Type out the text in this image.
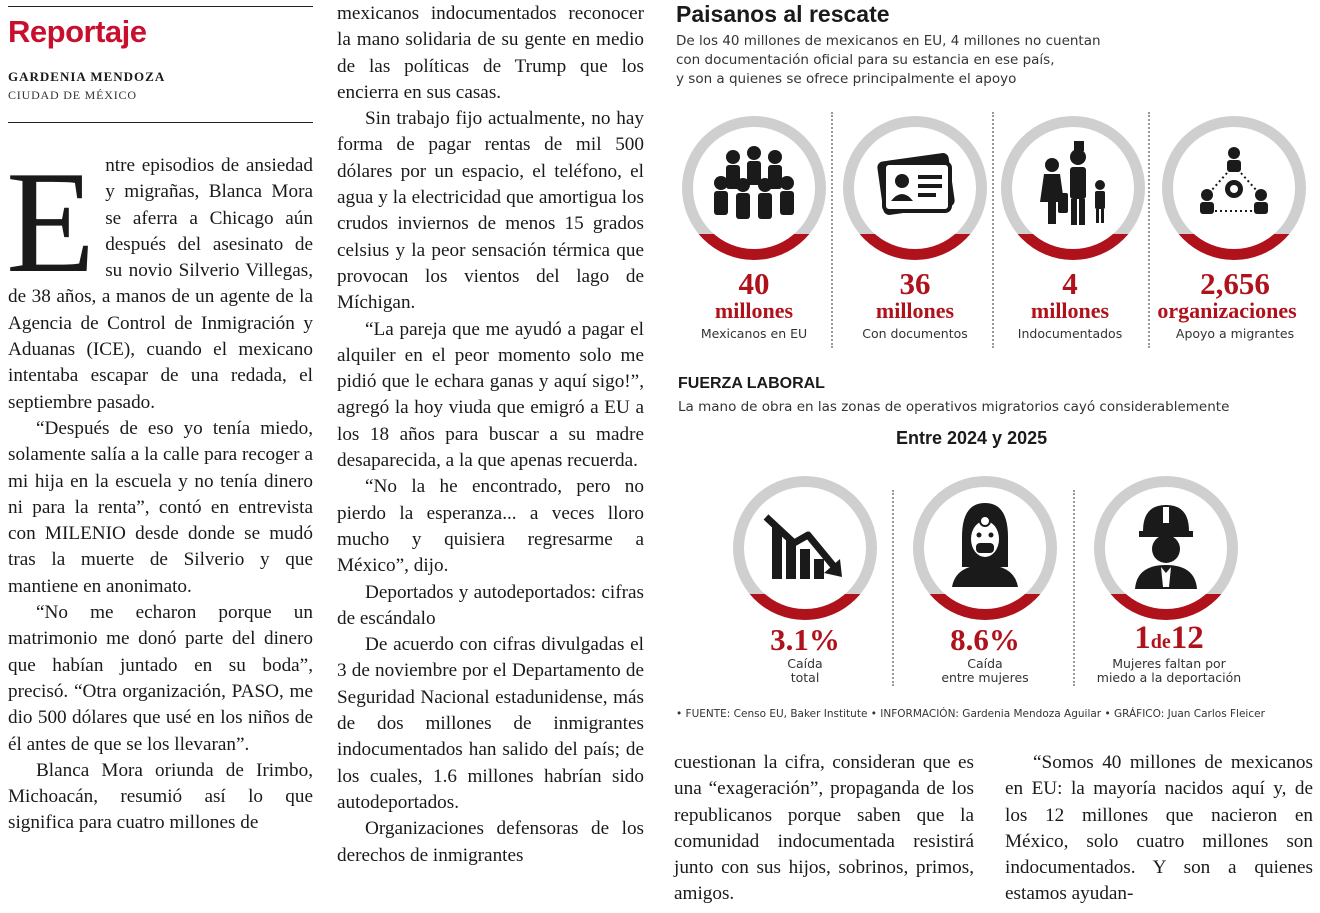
Reportaje
GARDENIA MENDOZA
CIUDAD DE MÉXICO

Entre episodios de ansiedad y migrañas, Blanca Mora se aferra a Chicago aún después del asesinato de su novio Silverio Villegas, de 38 años, a manos de un agente de la Agencia de Control de Inmigración y Aduanas (ICE), cuando el mexicano intentaba escapar de una redada, el septiembre pasado.

“Después de eso yo tenía miedo, solamente salía a la calle para recoger a mi hija en la escuela y no tenía dinero ni para la renta”, contó en entrevista con MILENIO desde donde se mudó tras la muerte de Silverio y que mantiene en anonimato.

“No me echaron porque un matrimonio me donó parte del dinero que habían juntado en su boda”, precisó. “Otra organización, PASO, me dio 500 dólares que usé en los niños de él antes de que se los llevaran”.

Blanca Mora oriunda de Irimbo, Michoacán, resumió así lo que significa para cuatro millones de

mexicanos indocumentados reconocer la mano solidaria de su gente en medio de las políticas de Trump que los encierra en sus casas.

Sin trabajo fijo actualmente, no hay forma de pagar rentas de mil 500 dólares por un espacio, el teléfono, el agua y la electricidad que amortigua los crudos inviernos de menos 15 grados celsius y la peor sensación térmica que provocan los vientos del lago de Míchigan.

“La pareja que me ayudó a pagar el alquiler en el peor momento solo me pidió que le echara ganas y aquí sigo!”, agregó la hoy viuda que emigró a EU a los 18 años para buscar a su madre desaparecida, a la que apenas recuerda.

“No la he encontrado, pero no pierdo la esperanza... a veces lloro mucho y quisiera regresarme a México”, dijo.

Deportados y autodeportados: cifras de escándalo

De acuerdo con cifras divulgadas el 3 de noviembre por el Departamento de Seguridad Nacional estadunidense, más de dos millones de inmigrantes indocumentados han salido del país; de los cuales, 1.6 millones habrían sido autodeportados.

Organizaciones defensoras de los derechos de inmigrantes

cuestionan la cifra, consideran que es una “exageración”, propaganda de los republicanos porque saben que la comunidad indocumentada resistirá junto con sus hijos, sobrinos, primos, amigos.

“Somos 40 millones de mexicanos en EU: la mayoría nacidos aquí y, de los 12 millones que nacieron en México, solo cuatro millones son indocumentados. Y son a quienes estamos ayudan-

Paisanos al rescate
De los 40 millones de mexicanos en EU, 4 millones no cuentan
con documentación oficial para su estancia en ese país,
y son a quienes se ofrece principalmente el apoyo
40
millones
Mexicanos en EU
36
millones
Con documentos
4
millones
Indocumentados
2,656
organizaciones
Apoyo a migrantes
FUERZA LABORAL
La mano de obra en las zonas de operativos migratorios cayó considerablemente
Entre 2024 y 2025
3.1%
Caída
total
8.6%
Caída
entre mujeres
1de12
Mujeres faltan por
miedo a la deportación
• FUENTE: Censo EU, Baker Institute • INFORMACIÓN: Gardenia Mendoza Aguilar • GRÁFICO: Juan Carlos Fleicer
